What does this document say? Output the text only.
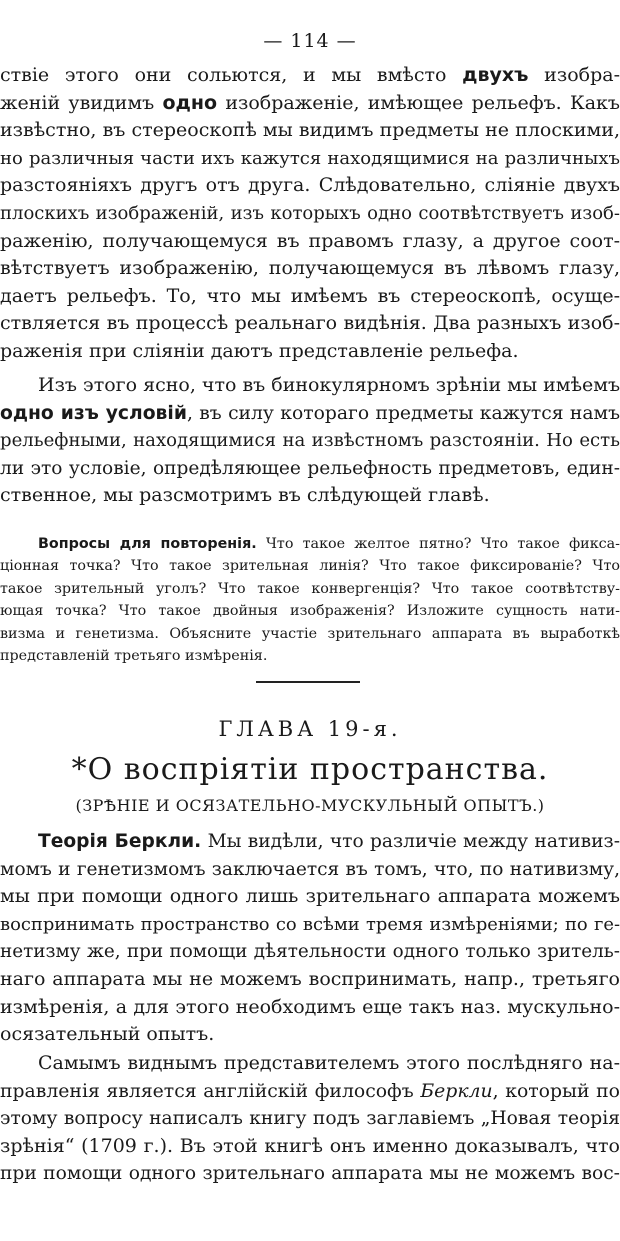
— 114 —
ствіе этого они сольются, и мы вмѣсто двухъ изобра-
женій увидимъ одно изображеніе, имѣющее рельефъ. Какъ
извѣстно, въ стереоскопѣ мы видимъ предметы не плоскими,
но различныя части ихъ кажутся находящимися на различныхъ
разстояніяхъ другъ отъ друга. Слѣдовательно, сліяніе двухъ
плоскихъ изображеній, изъ которыхъ одно соотвѣтствуетъ изоб-
раженію, получающемуся въ правомъ глазу, а другое соот-
вѣтствуетъ изображенію, получающемуся въ лѣвомъ глазу,
даетъ рельефъ. То, что мы имѣемъ въ стереоскопѣ, осуще-
ствляется въ процессѣ реальнаго видѣнія. Два разныхъ изоб-
раженія при сліяніи даютъ представленіе рельефа.
Изъ этого ясно, что въ бинокулярномъ зрѣніи мы имѣемъ
одно изъ условій, въ силу котораго предметы кажутся намъ
рельефными, находящимися на извѣстномъ разстояніи. Но есть
ли это условіе, опредѣляющее рельефность предметовъ, един-
ственное, мы разсмотримъ въ слѣдующей главѣ.
Вопросы для повторенія. Что такое желтое пятно? Что такое фикса-
ціонная точка? Что такое зрительная линія? Что такое фиксированіе? Что
такое зрительный уголъ? Что такое конвергенція? Что такое соотвѣтству-
ющая точка? Что такое двойныя изображенія? Изложите сущность нати-
визма и генетизма. Объясните участіе зрительнаго аппарата въ выработкѣ
представленій третьяго измѣренія.
ГЛАВА 19-я.
*О воспріятіи пространства.
(ЗРѢНІЕ И ОСЯЗАТЕЛЬНО-МУСКУЛЬНЫЙ ОПЫТЪ.)
Теорія Беркли. Мы видѣли, что различіе между нативиз-
момъ и генетизмомъ заключается въ томъ, что, по нативизму,
мы при помощи одного лишь зрительнаго аппарата можемъ
воспринимать пространство со всѣми тремя измѣреніями; по ге-
нетизму же, при помощи дѣятельности одного только зритель-
наго аппарата мы не можемъ воспринимать, напр., третьяго
измѣренія, а для этого необходимъ еще такъ наз. мускульно-
осязательный опытъ.
Самымъ виднымъ представителемъ этого послѣдняго на-
правленія является англійскій философъ Беркли, который по
этому вопросу написалъ книгу подъ заглавіемъ „Новая теорія
зрѣнія“ (1709 г.). Въ этой книгѣ онъ именно доказывалъ, что
при помощи одного зрительнаго аппарата мы не можемъ вос-
